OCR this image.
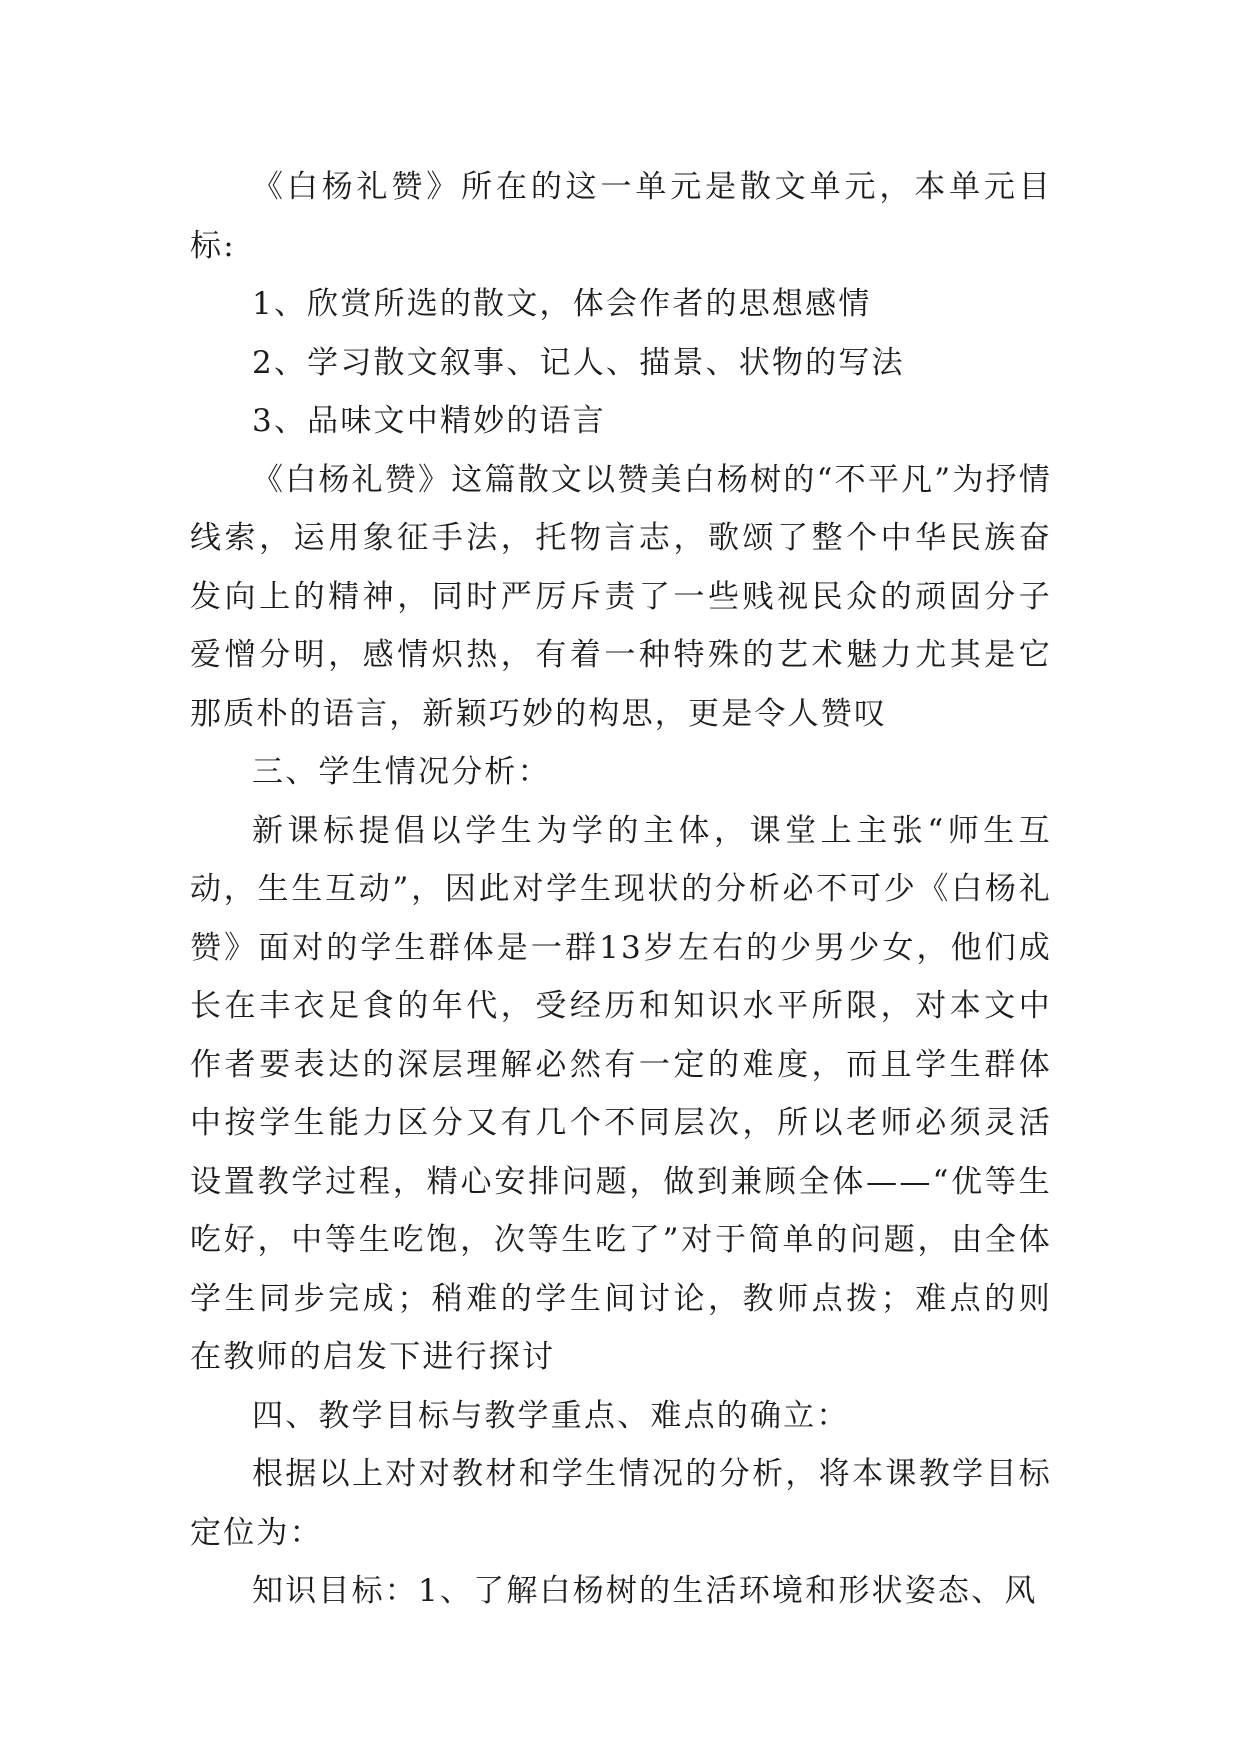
《白杨礼赞》所在的这一单元是散文单元，本单元目标:

1、欣赏所选的散文，体会作者的思想感情

2、学习散文叙事、记人、描景、状物的写法

3、品味文中精妙的语言

《白杨礼赞》这篇散文以赞美白杨树的“不平凡”为抒情线索，运用象征手法，托物言志，歌颂了整个中华民族奋发向上的精神，同时严厉斥责了一些贱视民众的顽固分子爱憎分明，感情炽热，有着一种特殊的艺术魅力尤其是它那质朴的语言，新颖巧妙的构思，更是令人赞叹

三、学生情况分析：

新课标提倡以学生为学的主体，课堂上主张“师生互动，生生互动”，因此对学生现状的分析必不可少《白杨礼赞》面对的学生群体是一群13岁左右的少男少女，他们成长在丰衣足食的年代，受经历和知识水平所限，对本文中作者要表达的深层理解必然有一定的难度，而且学生群体中按学生能力区分又有几个不同层次，所以老师必须灵活设置教学过程，精心安排问题，做到兼顾全体——“优等生吃好，中等生吃饱，次等生吃了”对于简单的问题，由全体学生同步完成；稍难的学生间讨论，教师点拨；难点的则在教师的启发下进行探讨

四、教学目标与教学重点、难点的确立：

根据以上对对教材和学生情况的分析，将本课教学目标定位为：

知识目标：1、了解白杨树的生活环境和形状姿态、风
